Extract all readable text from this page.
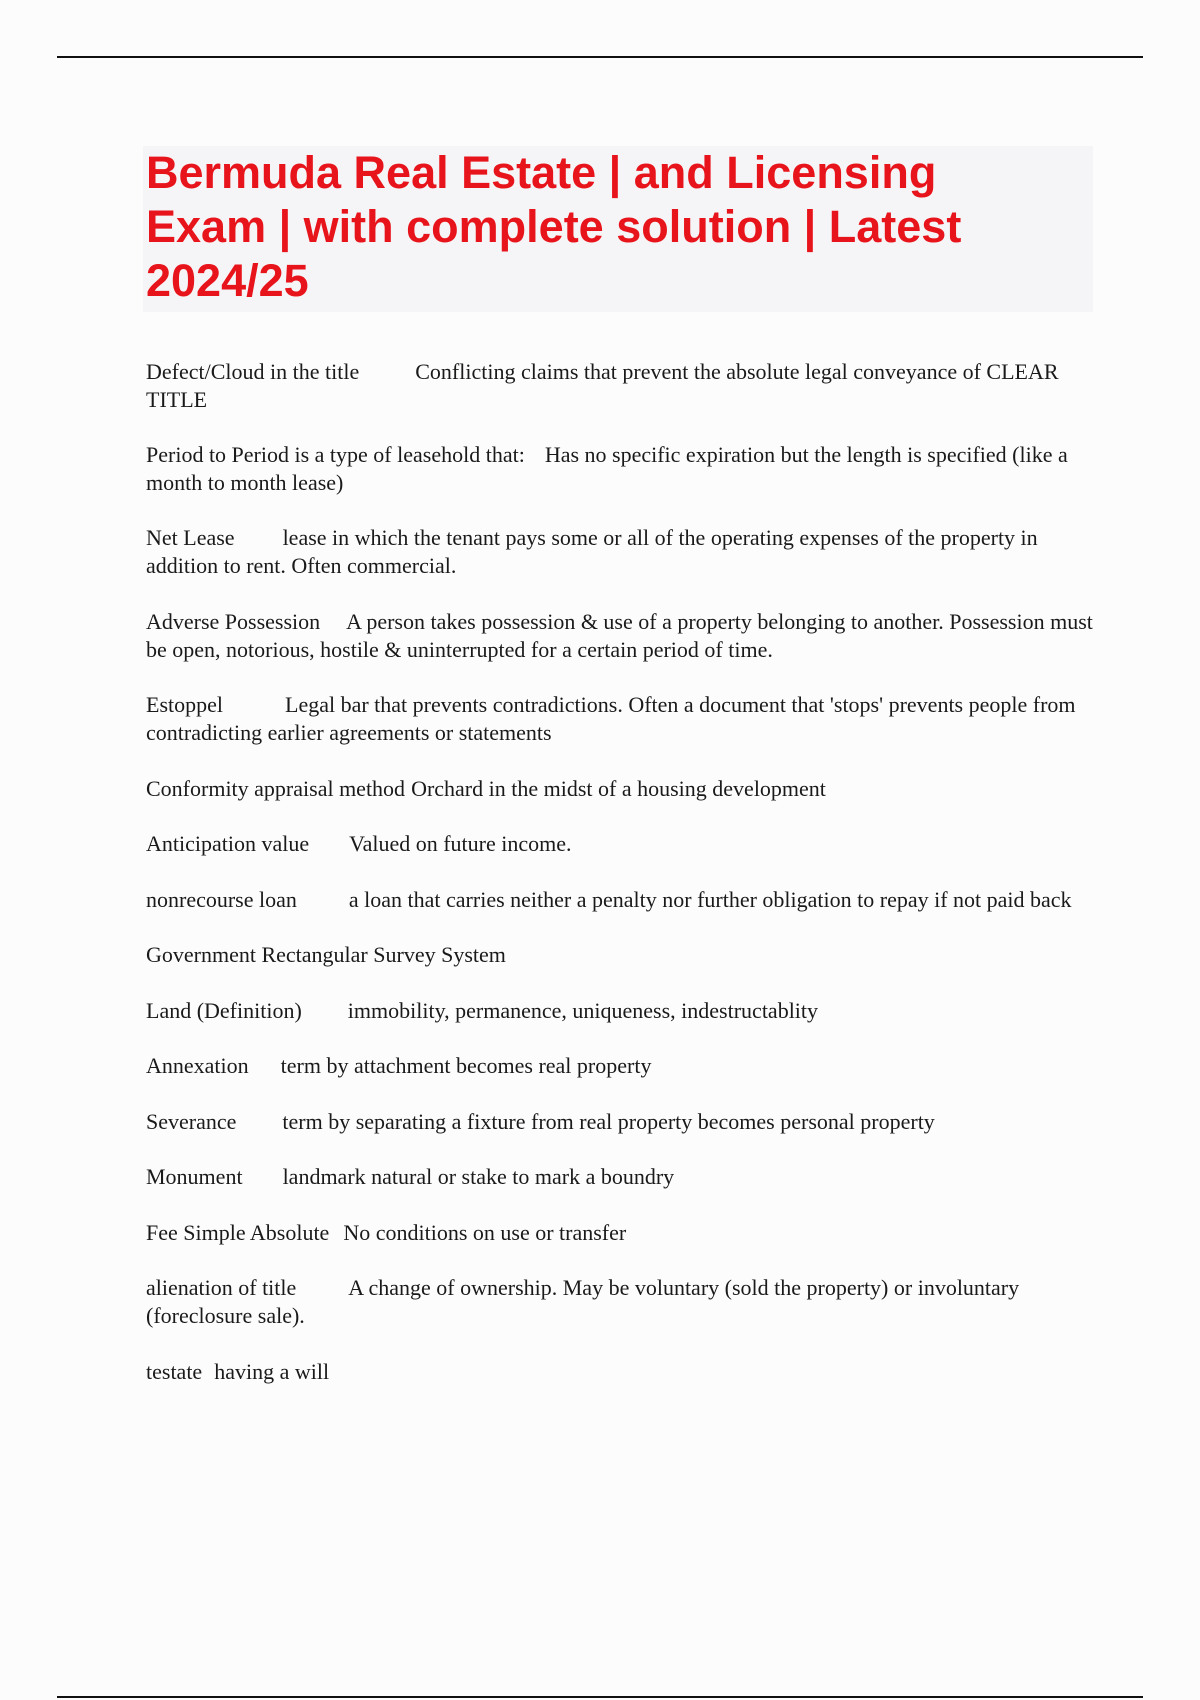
Bermuda Real Estate | and Licensing Exam | with complete solution | Latest 2024/25

Defect/Cloud in the title	Conflicting claims that prevent the absolute legal conveyance of CLEAR TITLE

Period to Period is a type of leasehold that: Has no specific expiration but the length is specified (like a month to month lease)

Net Lease lease in which the tenant pays some or all of the operating expenses of the property in addition to rent. Often commercial.

Adverse Possession A person takes possession & use of a property belonging to another. Possession must be open, notorious, hostile & uninterrupted for a certain period of time.

Estoppel	Legal bar that prevents contradictions. Often a document that 'stops' prevents people from contradicting earlier agreements or statements

Conformity appraisal method Orchard in the midst of a housing development

Anticipation value Valued on future income.

nonrecourse loan a loan that carries neither a penalty nor further obligation to repay if not paid back

Government Rectangular Survey System

Land (Definition) immobility, permanence, uniqueness, indestructablity

Annexation term by attachment becomes real property

Severance term by separating a fixture from real property becomes personal property

Monument landmark natural or stake to mark a boundry

Fee Simple Absolute No conditions on use or transfer

alienation of title A change of ownership. May be voluntary (sold the property) or involuntary (foreclosure sale).

testate having a will
